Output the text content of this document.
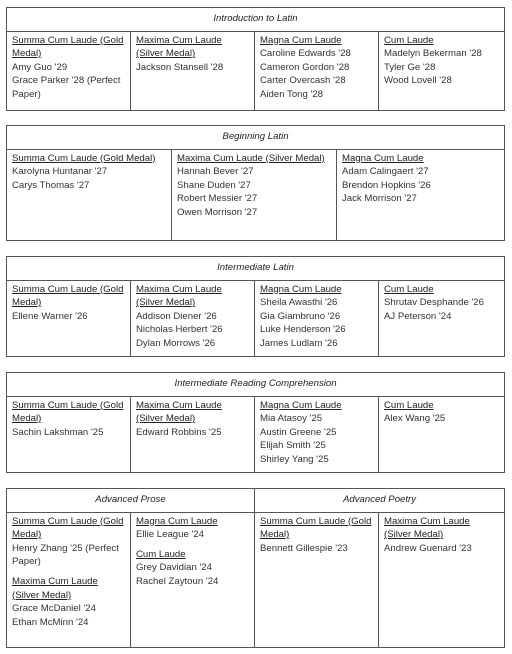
Introduction to Latin
Summa Cum Laude (Gold Medal)
Amy Guo '29
Grace Parker '28 (Perfect Paper)
	Maxima Cum Laude (Silver Medal)
Jackson Stansell '28
	Magna Cum Laude
Caroline Edwards '28
Cameron Gordon '28
Carter Overcash '28
Aiden Tong '28
	Cum Laude
Madelyn Bekerman '28
Tyler Ge '28
Wood Lovell '28
Beginning Latin
Summa Cum Laude (Gold Medal)
Karolyna Huntanar '27
Carys Thomas '27
	Maxima Cum Laude (Silver Medal)
Hannah Bever '27
Shane Duden '27
Robert Messier '27
Owen Morrison '27
	Magna Cum Laude
Adam Calingaert '27
Brendon Hopkins '26
Jack Morrison '27
Intermediate Latin
Summa Cum Laude (Gold Medal)
Ellene Warner '26
	Maxima Cum Laude (Silver Medal)
Addison Diener '26
Nicholas Herbert '26
Dylan Morrows '26
	Magna Cum Laude
Sheila Awasthi '26
Gia Giambruno '26
Luke Henderson '26
James Ludlam '26
	Cum Laude
Shrutav Desphande '26
AJ Peterson '24
Intermediate Reading Comprehension
Summa Cum Laude (Gold Medal)
Sachin Lakshman '25
	Maxima Cum Laude (Silver Medal)
Edward Robbins '25
	Magna Cum Laude
Mia Atasoy '25
Austin Greene '25
Elijah Smith '25
Shirley Yang '25
	Cum Laude
Alex Wang '25
Advanced Prose		Advanced Poetry	
Summa Cum Laude (Gold Medal)
Henry Zhang '25 (Perfect Paper)
Maxima Cum Laude (Silver Medal)
Grace McDaniel '24
Ethan McMinn '24	Magna Cum Laude
Ellie League '24
Cum Laude
Grey Davidian '24
Rachel Zaytoun '24	Summa Cum Laude (Gold Medal)
Bennett Gillespie '23	Maxima Cum Laude (Silver Medal)
Andrew Guenard '23
